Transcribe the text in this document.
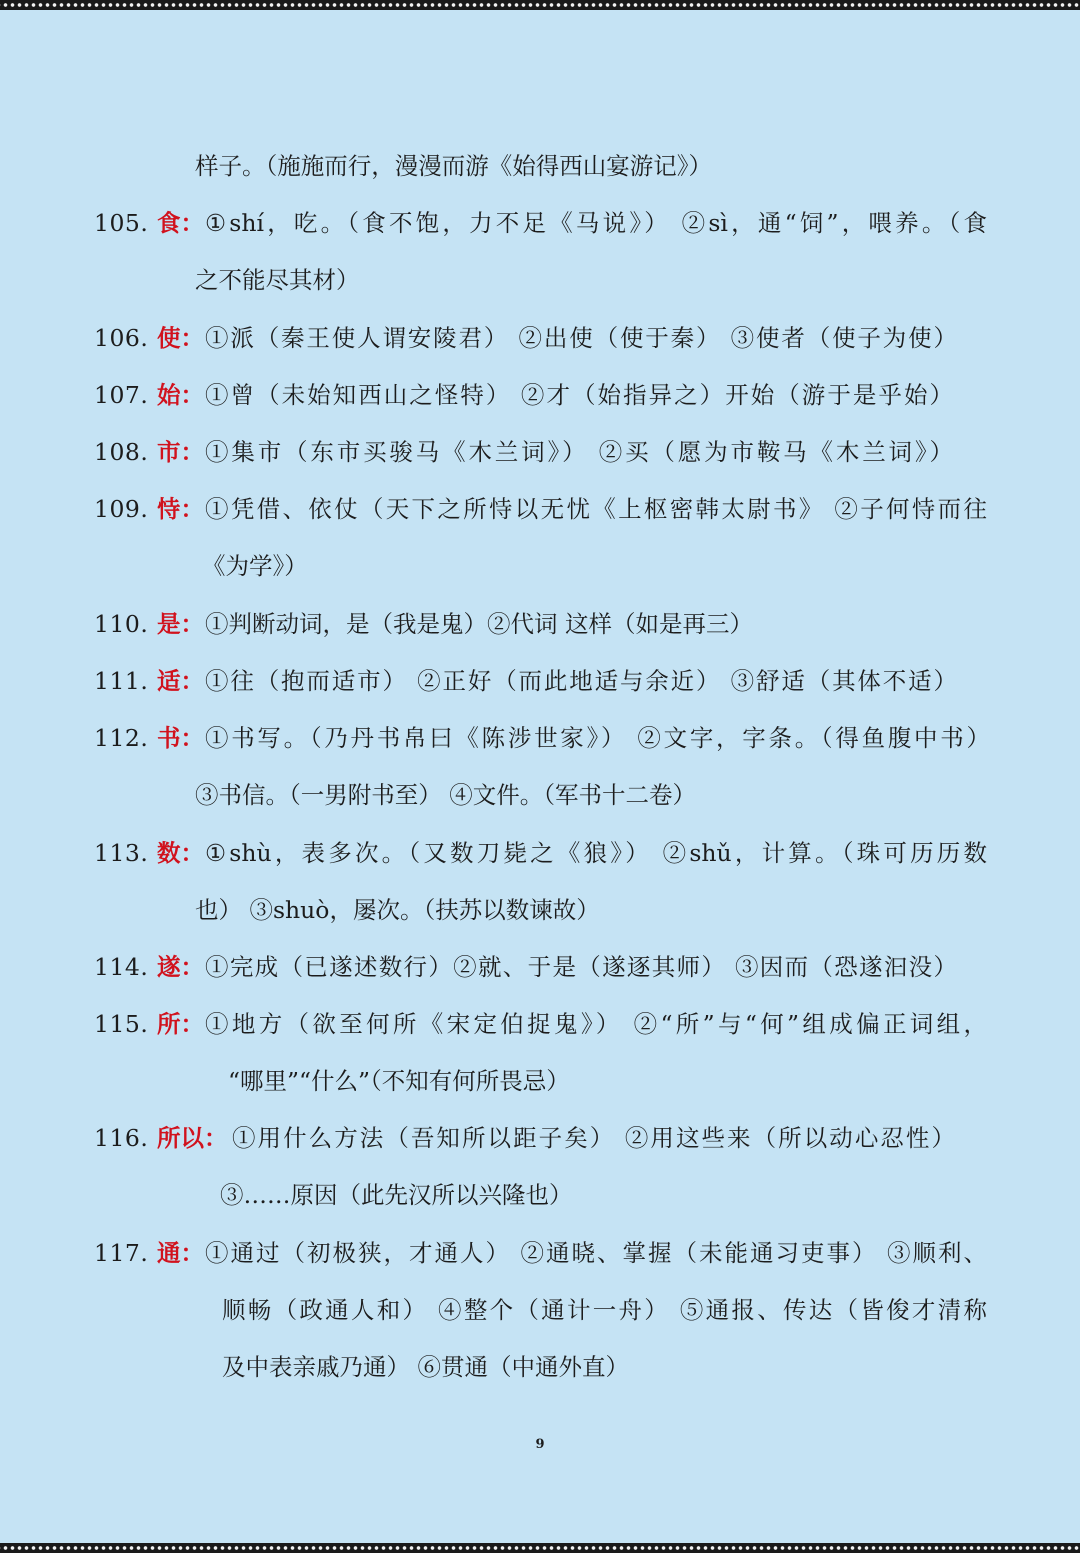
样子。（施施而行，漫漫而游《始得西山宴游记》）
105. 食： ①shí，吃。（食不饱，力不足《马说》） ②sì，通“饲”，喂养。（食
之不能尽其材）
106. 使： ①派（秦王使人谓安陵君） ②出使（使于秦） ③使者（使子为使）
107. 始： ①曾（未始知西山之怪特） ②才（始指异之）开始（游于是乎始）
108. 市： ①集市（东市买骏马《木兰词》） ②买（愿为市鞍马《木兰词》）
109. 恃： ①凭借、依仗（天下之所恃以无忧《上枢密韩太尉书》 ②子何恃而往
《为学》）
110. 是： ①判断动词，是（我是鬼）②代词 这样（如是再三）
111. 适： ①往（抱而适市） ②正好（而此地适与余近） ③舒适（其体不适）
112. 书： ①书写。（乃丹书帛曰《陈涉世家》） ②文字，字条。（得鱼腹中书）
③书信。（一男附书至） ④文件。（军书十二卷）
113. 数： ①shù，表多次。（又数刀毙之《狼》） ②shǔ，计算。（珠可历历数
也） ③shuò，屡次。（扶苏以数谏故）
114. 遂： ①完成（已遂述数行）②就、于是（遂逐其师） ③因而（恐遂汩没）
115. 所： ①地方（欲至何所《宋定伯捉鬼》） ②“所”与“何”组成偏正词组，
“哪里”“什么”（不知有何所畏忌）
116. 所以： ①用什么方法（吾知所以距子矣） ②用这些来（所以动心忍性）
③……原因（此先汉所以兴隆也）
117. 通： ①通过（初极狭，才通人） ②通晓、掌握（未能通习吏事） ③顺利、
顺畅（政通人和） ④整个（通计一舟） ⑤通报、传达（皆俊才清称
及中表亲戚乃通） ⑥贯通（中通外直）
9
